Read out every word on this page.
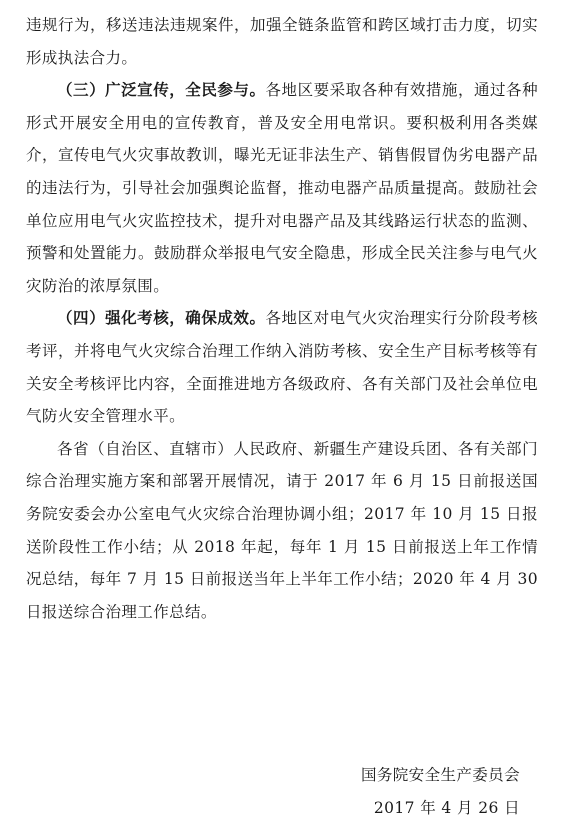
违规行为，移送违法违规案件，加强全链条监管和跨区域打击力度，切实形成执法合力。

（三）广泛宣传，全民参与。各地区要采取各种有效措施，通过各种形式开展安全用电的宣传教育，普及安全用电常识。要积极利用各类媒介，宣传电气火灾事故教训，曝光无证非法生产、销售假冒伪劣电器产品的违法行为，引导社会加强舆论监督，推动电器产品质量提高。鼓励社会单位应用电气火灾监控技术，提升对电器产品及其线路运行状态的监测、预警和处置能力。鼓励群众举报电气安全隐患，形成全民关注参与电气火灾防治的浓厚氛围。

（四）强化考核，确保成效。各地区对电气火灾治理实行分阶段考核考评，并将电气火灾综合治理工作纳入消防考核、安全生产目标考核等有关安全考核评比内容，全面推进地方各级政府、各有关部门及社会单位电气防火安全管理水平。

各省（自治区、直辖市）人民政府、新疆生产建设兵团、各有关部门综合治理实施方案和部署开展情况，请于 2017 年 6 月 15 日前报送国务院安委会办公室电气火灾综合治理协调小组；2017 年 10 月 15 日报送阶段性工作小结；从 2018 年起，每年 1 月 15 日前报送上年工作情况总结，每年 7 月 15 日前报送当年上半年工作小结；2020 年 4 月 30 日报送综合治理工作总结。

国务院安全生产委员会
2017 年 4 月 26 日
